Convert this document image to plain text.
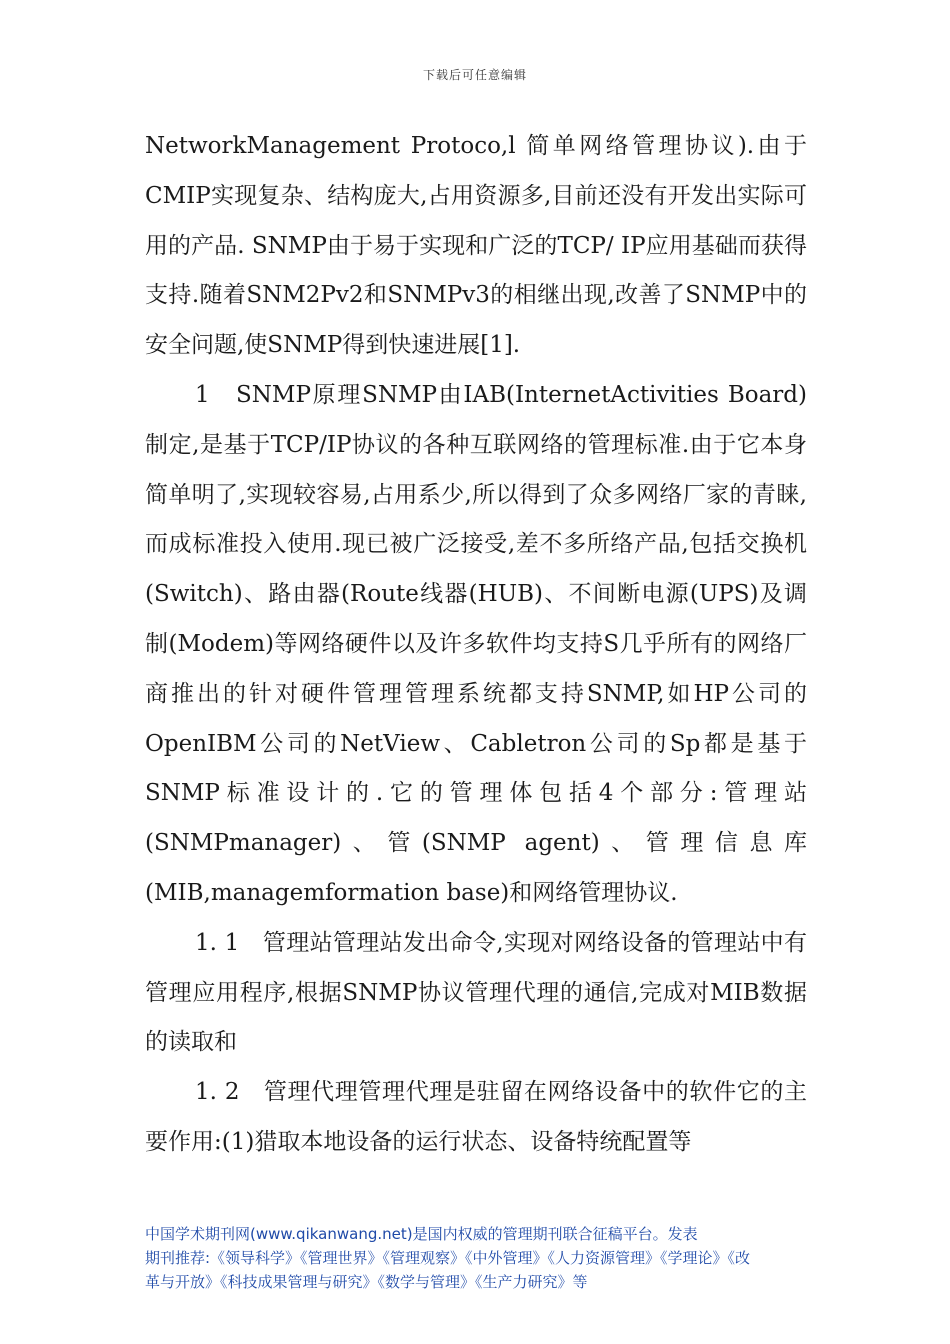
下载后可任意编辑

NetworkManagement Protoco,l 简单网络管理协议).由于CMIP实现复杂、结构庞大,占用资源多,目前还没有开发出实际可用的产品. SNMP由于易于实现和广泛的TCP/ IP应用基础而获得支持.随着SNM2Pv2和SNMPv3的相继出现,改善了SNMP中的安全问题,使SNMP得到快速进展[1].

1　SNMP原理SNMP由IAB(InternetActivities Board)制定,是基于TCP/IP协议的各种互联网络的管理标准.由于它本身简单明了,实现较容易,占用系少,所以得到了众多网络厂家的青睐,而成标准投入使用.现已被广泛接受,差不多所络产品,包括交换机(Switch)、路由器(Route线器(HUB)、不间断电源(UPS)及调制(Modem)等网络硬件以及许多软件均支持S几乎所有的网络厂商推出的针对硬件管理管理系统都支持SNMP,如HP公司的OpenIBM公司的NetView、Cabletron公司的Sp都是基于SNMP标准设计的.它的管理体包括4个部分:管理站(SNMPmanager)、管(SNMP agent)、管理信息库(MIB,managemformation base)和网络管理协议.

1. 1　管理站管理站发出命令,实现对网络设备的管理站中有管理应用程序,根据SNMP协议管理代理的通信,完成对MIB数据的读取和

1. 2　管理代理管理代理是驻留在网络设备中的软件它的主要作用:(1)猎取本地设备的运行状态、设备特统配置等

中国学术期刊网(www.qikanwang.net)是国内权威的管理期刊联合征稿平台。发表

期刊推荐:《领导科学》《管理世界》《管理观察》《中外管理》《人力资源管理》《学理论》《改

革与开放》《科技成果管理与研究》《数学与管理》《生产力研究》等
